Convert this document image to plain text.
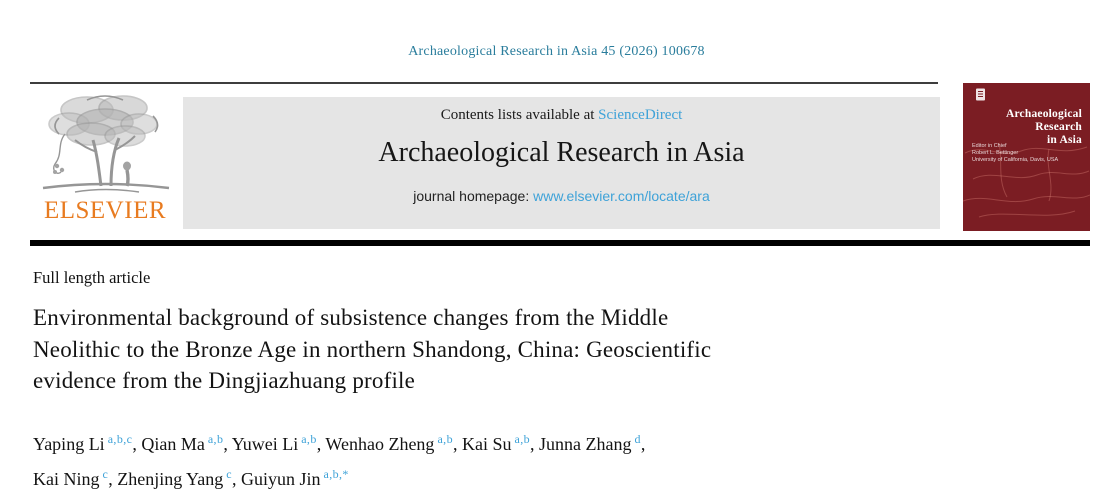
Archaeological Research in Asia 45 (2026) 100678
ELSEVIER
Contents lists available at ScienceDirect
Archaeological Research in Asia
journal homepage: www.elsevier.com/locate/ara
Archaeological Research
in Asia
Editor in Chief
Robert L. Bettinger
University of California, Davis, USA
Full length article
Environmental background of subsistence changes from the Middle
Neolithic to the Bronze Age in northern Shandong, China: Geoscientific
evidence from the Dingjiazhuang profile
Yaping Li $^{a,b,c}$, Qian Ma $^{a,b}$, Yuwei Li $^{a,b}$, Wenhao Zheng $^{a,b}$, Kai Su $^{a,b}$, Junna Zhang $^d$,
Kai Ning $^c$, Zhenjing Yang $^c$, Guiyun Jin $^{a,b,*}$
